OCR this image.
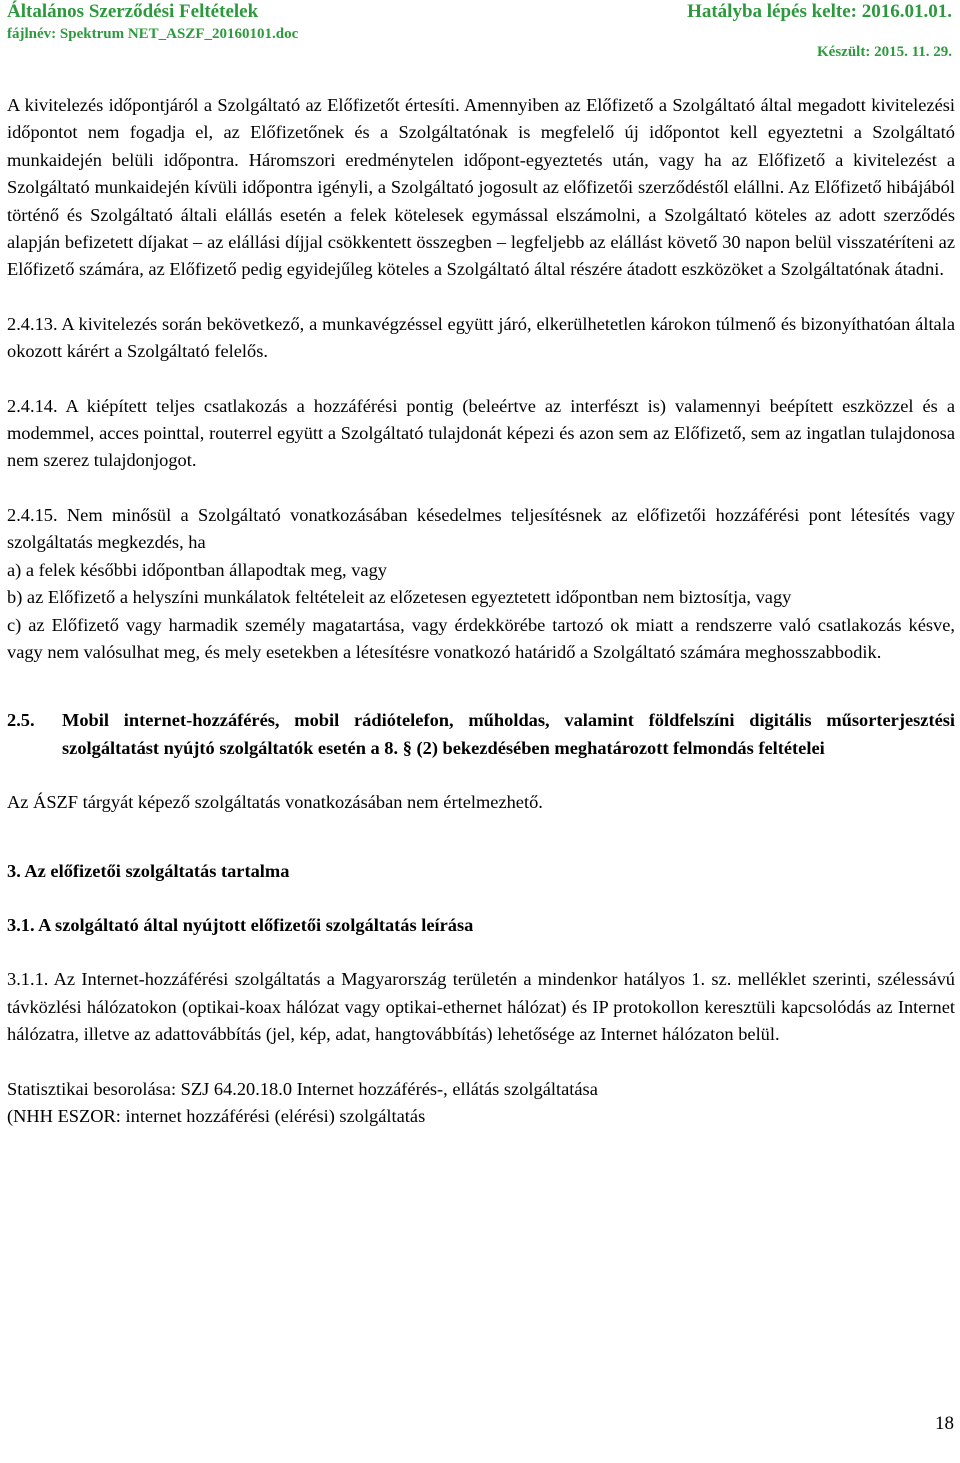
Általános Szerződési Feltételek	Hatályba lépés kelte: 2016.01.01.
fájlnév: Spektrum NET_ASZF_20160101.doc
Készült: 2015. 11. 29.

A kivitelezés időpontjáról a Szolgáltató az Előfizetőt értesíti. Amennyiben az Előfizető a Szolgáltató által megadott kivitelezési időpontot nem fogadja el, az Előfizetőnek és a Szolgáltatónak is megfelelő új időpontot kell egyeztetni a Szolgáltató munkaidején belüli időpontra. Háromszori eredménytelen időpont-egyeztetés után, vagy ha az Előfizető a kivitelezést a Szolgáltató munkaidején kívüli időpontra igényli, a Szolgáltató jogosult az előfizetői szerződéstől elállni. Az Előfizető hibájából történő és Szolgáltató általi elállás esetén a felek kötelesek egymással elszámolni, a Szolgáltató köteles az adott szerződés alapján befizetett díjakat – az elállási díjjal csökkentett összegben – legfeljebb az elállást követő 30 napon belül visszatéríteni az Előfizető számára, az Előfizető pedig egyidejűleg köteles a Szolgáltató által részére átadott eszközöket a Szolgáltatónak átadni.

2.4.13. A kivitelezés során bekövetkező, a munkavégzéssel együtt járó, elkerülhetetlen károkon túlmenő és bizonyíthatóan általa okozott kárért a Szolgáltató felelős.

2.4.14. A kiépített teljes csatlakozás a hozzáférési pontig (beleértve az interfészt is) valamennyi beépített eszközzel és a modemmel, acces pointtal, routerrel együtt a Szolgáltató tulajdonát képezi és azon sem az Előfizető, sem az ingatlan tulajdonosa nem szerez tulajdonjogot.

2.4.15. Nem minősül a Szolgáltató vonatkozásában késedelmes teljesítésnek az előfizetői hozzáférési pont létesítés vagy szolgáltatás megkezdés, ha

a) a felek későbbi időpontban állapodtak meg, vagy

b) az Előfizető a helyszíni munkálatok feltételeit az előzetesen egyeztetett időpontban nem biztosítja, vagy

c) az Előfizető vagy harmadik személy magatartása, vagy érdekkörébe tartozó ok miatt a rendszerre való csatlakozás késve, vagy nem valósulhat meg, és mely esetekben a létesítésre vonatkozó határidő a Szolgáltató számára meghosszabbodik.

2.5.	Mobil internet-hozzáférés, mobil rádiótelefon, műholdas, valamint földfelszíni digitális műsorterjesztési szolgáltatást nyújtó szolgáltatók esetén a 8. § (2) bekezdésében meghatározott felmondás feltételei

Az ÁSZF tárgyát képező szolgáltatás vonatkozásában nem értelmezhető.

3. Az előfizetői szolgáltatás tartalma

3.1. A szolgáltató által nyújtott előfizetői szolgáltatás leírása

3.1.1. Az Internet-hozzáférési szolgáltatás a Magyarország területén a mindenkor hatályos 1. sz. melléklet szerinti, szélessávú távközlési hálózatokon (optikai-koax hálózat vagy optikai-ethernet hálózat) és IP protokollon keresztüli kapcsolódás az Internet hálózatra, illetve az adattovábbítás (jel, kép, adat, hangtovábbítás) lehetősége az Internet hálózaton belül.

Statisztikai besorolása: SZJ 64.20.18.0 Internet hozzáférés-, ellátás szolgáltatása

(NHH ESZOR: internet hozzáférési (elérési) szolgáltatás

18
